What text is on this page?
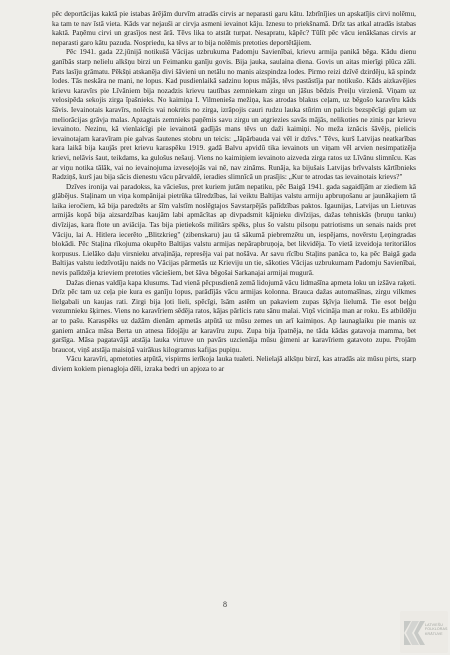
pēc deportācijas kaktā pie istabas ārējām durvīm atradās cirvis ar neparasti garu kātu. Izbrīnījies un apskatījis cirvi nolēmu, ka tam te nav īstā vieta. Kāds var nejauši ar cirvja asmeni ievainot kāju. Iznesu to priekšnamā. Drīz tas atkal atradās istabas kaktā. Paņēmu cirvi un grasījos nest ārā. Tēvs lika to atstāt turpat. Nesapratu, kāpēc? Tūlīt pēc vācu ienākšanas cirvis ar neparasti garo kātu pazuda. Nospriedu, ka tēvs ar to bija nolēmis pretoties deportētājiem.

Pēc 1941. gada 22.jūnijā notikušā Vācijas uzbrukuma Padomju Savienībai, krievu armija panikā bēga. Kādu dienu ganībās starp nelielu alkšņu birzi un Feimanku ganīju govis. Bija jauka, saulaina diena. Govis un aitas mierīgi plūca zāli. Pats lasīju grāmatu. Pēkšņi atskanēja divi šāvieni un netālu no manis aizspindza lodes. Pirmo reizi dzīvē dzirdēju, kā spindz lodes. Tās neskāra ne mani, ne lopus. Kad pusdienlaikā sadzinu lopus mājās, tēvs pastāstīja par notikušo. Kāds aizkavējies krievu karavīrs pie Līvāniem bija nozadzis krievu tautības zemniekam zirgu un jāšus bēdzis Preiļu virzienā. Viņam uz velosipēda sekojis zirga īpašnieks. No kaimiņa I. Vilmenieša mežiņa, kas atrodas blakus ceļam, uz bēgošo karavīru kāds šāvis. Ievainotais karavīrs, nolēcis vai nokritis no zirga, izrāpojis cauri rudzu lauka stūrim un palicis bezspēcīgi guļam uz meliorācijas grāvja malas. Apzagtais zemnieks paņēmis savu zirgu un atgriezies savās mājās, nelikoties ne zinis par krievu ievainoto. Nezinu, kā vienlaicīgi pie ievainotā gadījās mans tēvs un daži kaimiņi. No meža iznācis šāvējs, pielicis ievainotajam karavīram pie galvas šautenes stobru un teicis: „Jāpārbauda vai vēl ir dzīvs." Tēvs, kurš Latvijas neatkarības kara laikā bija kaujās pret krievu karaspēku 1919. gadā Balvu apvidū tika ievainots un viņam vēl arvien nesimpatizēja krievi, nelāvis šaut, teikdams, ka gulošus nešauj. Viens no kaimiņiem ievainoto aizveda zirga ratos uz Līvānu slimnīcu. Kas ar viņu notika tālāk, vai no ievainojuma izveseļojās vai nē, nav zināms. Runāja, ka bijušais Latvijas brīvvalsts kārtībnieks Radziņš, kurš jau bija sācis dienestu vācu pārvaldē, ieradies slimnīcā un prasījis: „Kur te atrodas tas ievainotais krievs?"

Dzīves ironija vai paradokss, ka vāciešus, pret kuriem jutām nepatiku, pēc Baigā 1941. gada sagaidījām ar ziediem kā glābējus. Staļinam un viņa kompānijai pietrūka tālredzības, lai veiktu Baltijas valstu armiju apbruņošanu ar jaunākajiem tā laika ieročiem, kā bija paredzēts ar šīm valstīm noslēgtajos Savstarpējās palīdzības paktos. Igaunijas, Latvijas un Lietuvas armijās kopā bija aizsardzības kaujām labi apmācītas ap divpadsmit kājnieku divīzijas, dažas tehniskās (bruņu tanku) divīzijas, kara flote un aviācija. Tas bija pietiekošs militārs spēks, plus šo valstu pilsoņu patriotisms un senais naids pret Vāciju, lai A. Hitlera iecerēto „Blitzkrieg" (zibenskaru) jau tā sākumā piebremzētu un, iespējams, novērstu Ļeņingradas blokādi. Pēc Staļina rīkojuma okupēto Baltijas valstu armijas nepārapbruņoja, bet likvidēja. To vietā izveidoja teritoriālos korpusus. Lielāko daļu virsnieku atvaļināja, represēja vai pat nošāva. Ar savu rīcību Staļins panāca to, ka pēc Baigā gada Baltijas valstu iedzīvotāju naids no Vācijas pārmetās uz Krieviju un tie, sākoties Vācijas uzbrukumam Padomju Savienībai, nevis palīdzēja krieviem pretoties vāciešiem, bet šāva bēgošai Sarkanajai armijai mugurā.

Dažas dienas valdīja kapa klusums. Tad vienā pēcpusdienā zemā lidojumā vācu lidmašīna apmeta loku un izšāva raķeti. Drīz pēc tam uz ceļa pie kura es ganīju lopus, parādījās vācu armijas kolonna. Brauca dažas automašīnas, zirgu vilkmes lielgabali un kaujas rati. Zirgi bija ļoti lieli, spēcīgi, īsām astēm un pakaviem zupas šķīvja lielumā. Tie esot beļģu vezumnieku šķirnes. Viens no karavīriem sēdēja ratos, kājas pārlicis ratu sānu malai. Viņš vicināja man ar roku. Es atbildēju ar to pašu. Karaspēks uz dažām dienām apmetās atpūtā uz mūsu zemes un arī kaimiņos. Ap launaglaiku pie manis uz ganiem atnāca māsa Berta un atnesa līdojāju ar karavīru zupu. Zupa bija īpatnēja, ne tāda kādas gatavoja mamma, bet garšīga. Māsa pagatavājā atstāja lauka virtuve un pavārs uzcienāja mūsu ģimeni ar karavīriem gatavoto zupu. Projām braucot, viņš atstāja maisiņā vairākus kilogramus kafijas pupiņu.

Vācu karavīri, apmetoties atpūtā, vispirms ierīkoja lauka tualeti. Nelielajā alkšņu birzī, kas atradās aiz mūsu pirts, starp diviem kokiem pienagloja dēli, izraka bedri un apjoza to ar

8
LATVIEŠU
FOLKLORAS
KRĀTUVE
